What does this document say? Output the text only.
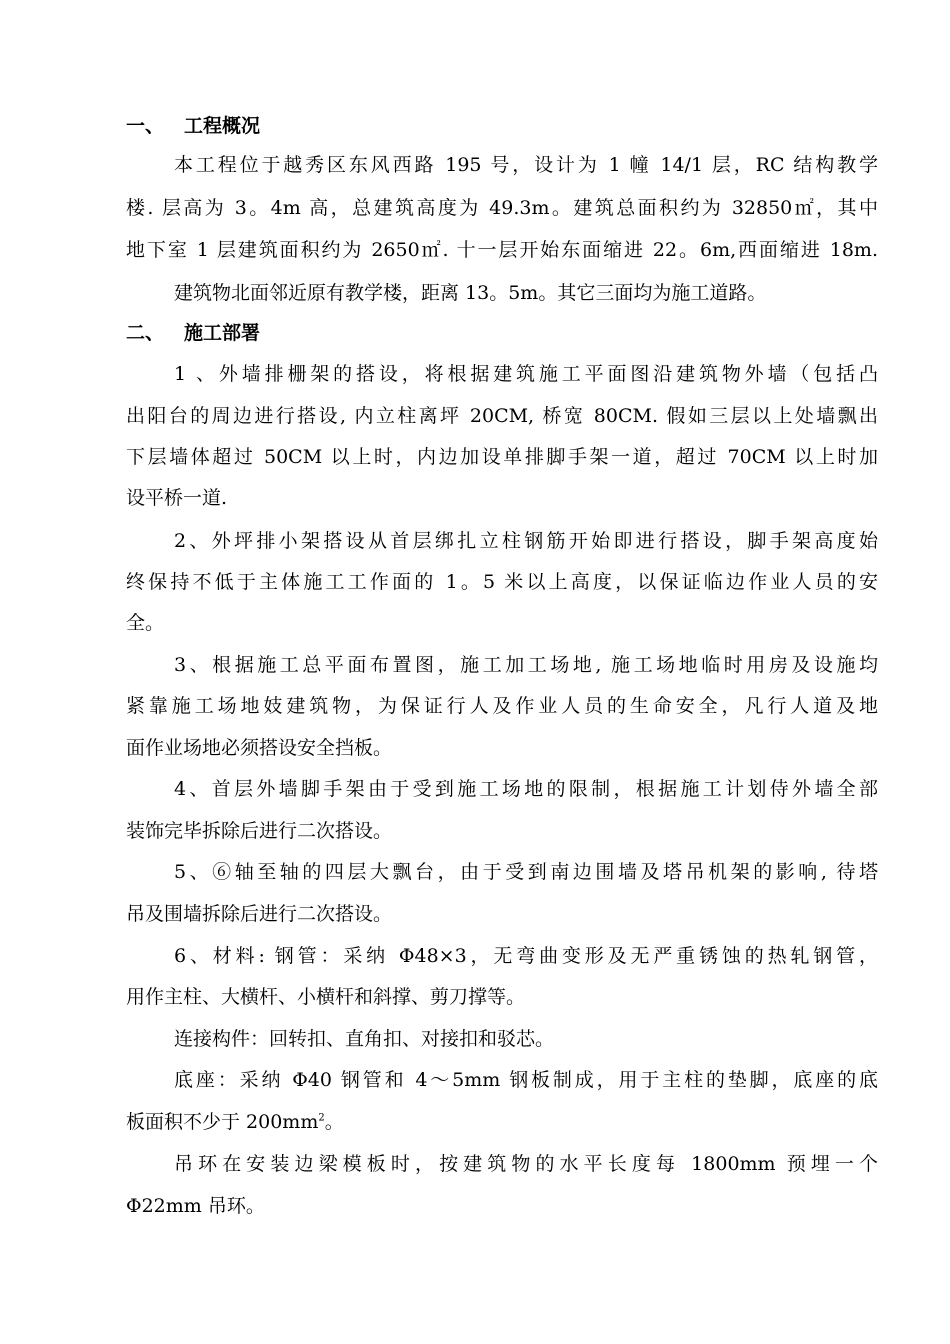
一、 工程概况
本工程位于越秀区东风西路 195 号，设计为 1 幢 14/1 层，RC 结构教学
楼. 层高为 3。4m 高，总建筑高度为 49.3m。建筑总面积约为 32850㎡，其中
地下室 1 层建筑面积约为 2650㎡. 十一层开始东面缩进 22。6m,西面缩进 18m.
建筑物北面邻近原有教学楼，距离 13。5m。其它三面均为施工道路。
二、 施工部署
1 、外墙排栅架的搭设，将根据建筑施工平面图沿建筑物外墙（包括凸
出阳台的周边进行搭设, 内立柱离坪 20CM, 桥宽 80CM. 假如三层以上处墙飘出
下层墙体超过 50CM 以上时，内边加设单排脚手架一道，超过 70CM 以上时加
设平桥一道.
2、外坪排小架搭设从首层绑扎立柱钢筋开始即进行搭设，脚手架高度始
终保持不低于主体施工工作面的 1。5 米以上高度，以保证临边作业人员的安
全。
3、根据施工总平面布置图，施工加工场地, 施工场地临时用房及设施均
紧靠施工场地妓建筑物，为保证行人及作业人员的生命安全，凡行人道及地
面作业场地必须搭设安全挡板。
4、首层外墙脚手架由于受到施工场地的限制，根据施工计划侍外墙全部
装饰完毕拆除后进行二次搭设。
5、⑥轴至轴的四层大飘台，由于受到南边围墙及塔吊机架的影响, 待塔
吊及围墙拆除后进行二次搭设。
6、材料: 钢管：采纳 Φ48×3，无弯曲变形及无严重锈蚀的热轧钢管，
用作主柱、大横杆、小横杆和斜撑、剪刀撑等。
连接构件：回转扣、直角扣、对接扣和驳芯。
底座：采纳 Φ40 钢管和 4～5mm 钢板制成，用于主柱的垫脚，底座的底
板面积不少于 $200mm^2$。
吊环在安装边梁模板时，按建筑物的水平长度每 1800mm 预埋一个
Φ22mm 吊环。
